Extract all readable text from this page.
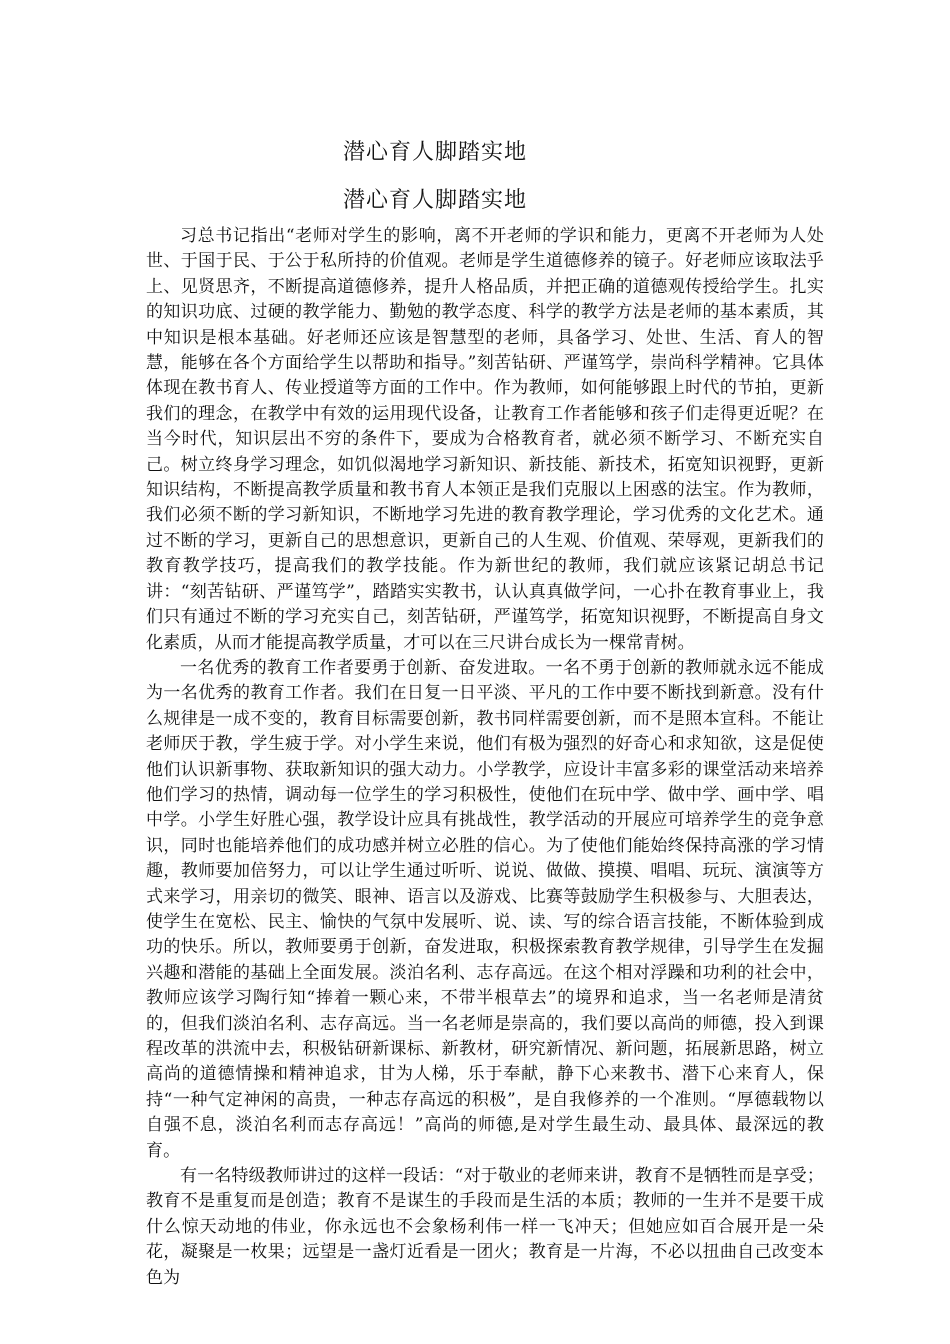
潜心育人脚踏实地
潜心育人脚踏实地

习总书记指出“老师对学生的影响，离不开老师的学识和能力，更离不开老师为人处世、于国于民、于公于私所持的价值观。老师是学生道德修养的镜子。好老师应该取法乎上、见贤思齐，不断提高道德修养，提升人格品质，并把正确的道德观传授给学生。扎实的知识功底、过硬的教学能力、勤勉的教学态度、科学的教学方法是老师的基本素质，其中知识是根本基础。好老师还应该是智慧型的老师，具备学习、处世、生活、育人的智慧，能够在各个方面给学生以帮助和指导。”刻苦钻研、严谨笃学，崇尚科学精神。它具体体现在教书育人、传业授道等方面的工作中。作为教师，如何能够跟上时代的节拍，更新我们的理念，在教学中有效的运用现代设备，让教育工作者能够和孩子们走得更近呢？在当今时代，知识层出不穷的条件下，要成为合格教育者，就必须不断学习、不断充实自己。树立终身学习理念，如饥似渴地学习新知识、新技能、新技术，拓宽知识视野，更新知识结构，不断提高教学质量和教书育人本领正是我们克服以上困惑的法宝。作为教师，我们必须不断的学习新知识，不断地学习先进的教育教学理论，学习优秀的文化艺术。通过不断的学习，更新自己的思想意识，更新自己的人生观、价值观、荣辱观，更新我们的教育教学技巧，提高我们的教学技能。作为新世纪的教师，我们就应该紧记胡总书记讲：“刻苦钻研、严谨笃学”，踏踏实实教书，认认真真做学问，一心扑在教育事业上，我们只有通过不断的学习充实自己，刻苦钻研，严谨笃学，拓宽知识视野，不断提高自身文化素质，从而才能提高教学质量，才可以在三尺讲台成长为一棵常青树。

一名优秀的教育工作者要勇于创新、奋发进取。一名不勇于创新的教师就永远不能成为一名优秀的教育工作者。我们在日复一日平淡、平凡的工作中要不断找到新意。没有什么规律是一成不变的，教育目标需要创新，教书同样需要创新，而不是照本宣科。不能让老师厌于教，学生疲于学。对小学生来说，他们有极为强烈的好奇心和求知欲，这是促使他们认识新事物、获取新知识的强大动力。小学教学，应设计丰富多彩的课堂活动来培养他们学习的热情，调动每一位学生的学习积极性，使他们在玩中学、做中学、画中学、唱中学。小学生好胜心强，教学设计应具有挑战性，教学活动的开展应可培养学生的竞争意识，同时也能培养他们的成功感并树立必胜的信心。为了使他们能始终保持高涨的学习情趣，教师要加倍努力，可以让学生通过听听、说说、做做、摸摸、唱唱、玩玩、演演等方式来学习，用亲切的微笑、眼神、语言以及游戏、比赛等鼓励学生积极参与、大胆表达，使学生在宽松、民主、愉快的气氛中发展听、说、读、写的综合语言技能，不断体验到成功的快乐。所以，教师要勇于创新，奋发进取，积极探索教育教学规律，引导学生在发掘兴趣和潜能的基础上全面发展。淡泊名利、志存高远。在这个相对浮躁和功利的社会中，教师应该学习陶行知“捧着一颗心来，不带半根草去”的境界和追求，当一名老师是清贫的，但我们淡泊名利、志存高远。当一名老师是崇高的，我们要以高尚的师德，投入到课程改革的洪流中去，积极钻研新课标、新教材，研究新情况、新问题，拓展新思路，树立高尚的道德情操和精神追求，甘为人梯，乐于奉献，静下心来教书、潜下心来育人，保持“一种气定神闲的高贵，一种志存高远的积极”，是自我修养的一个准则。“厚德载物以自强不息，淡泊名利而志存高远！”高尚的师德,是对学生最生动、最具体、最深远的教育。

有一名特级教师讲过的这样一段话：“对于敬业的老师来讲，教育不是牺牲而是享受；教育不是重复而是创造；教育不是谋生的手段而是生活的本质；教师的一生并不是要干成什么惊天动地的伟业，你永远也不会象杨利伟一样一飞冲天；但她应如百合展开是一朵花，凝聚是一枚果；远望是一盏灯近看是一团火；教育是一片海，不必以扭曲自己改变本色为
